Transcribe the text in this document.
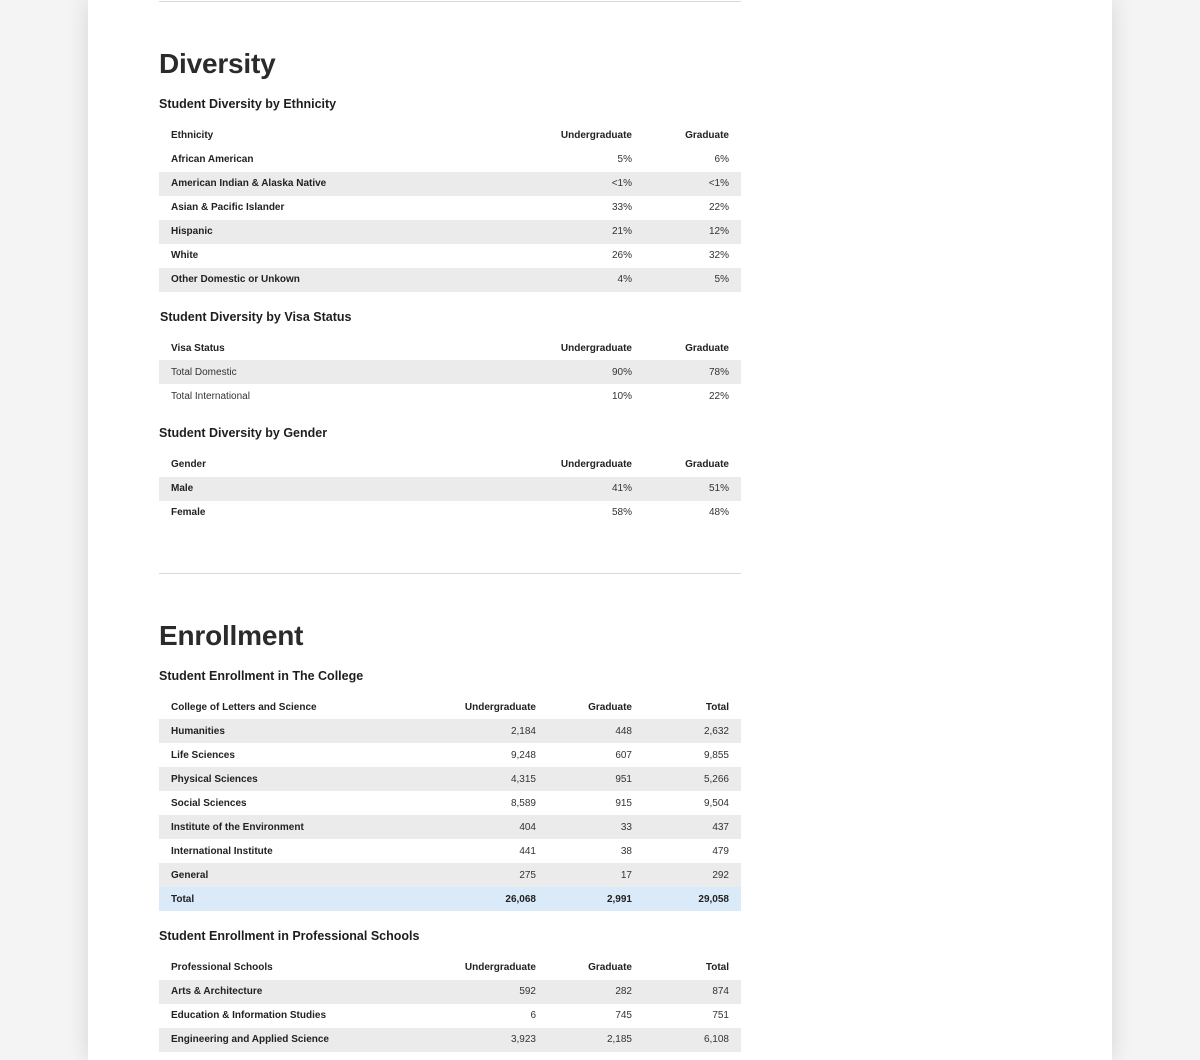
Diversity
Student Diversity by Ethnicity
Ethnicity	Undergraduate	Graduate
African American	5%	6%
American Indian & Alaska Native	<1%	<1%
Asian & Pacific Islander	33%	22%
Hispanic	21%	12%
White	26%	32%
Other Domestic or Unkown	4%	5%
Student Diversity by Visa Status
Visa Status	Undergraduate	Graduate
Total Domestic	90%	78%
Total International	10%	22%
Student Diversity by Gender
Gender	Undergraduate	Graduate
Male	41%	51%
Female	58%	48%
Enrollment
Student Enrollment in The College
College of Letters and Science	Undergraduate	Graduate	Total
Humanities	2,184	448	2,632
Life Sciences	9,248	607	9,855
Physical Sciences	4,315	951	5,266
Social Sciences	8,589	915	9,504
Institute of the Environment	404	33	437
International Institute	441	38	479
General	275	17	292
Total	26,068	2,991	29,058
Student Enrollment in Professional Schools
Professional Schools	Undergraduate	Graduate	Total
Arts & Architecture	592	282	874
Education & Information Studies	6	745	751
Engineering and Applied Science	3,923	2,185	6,108
